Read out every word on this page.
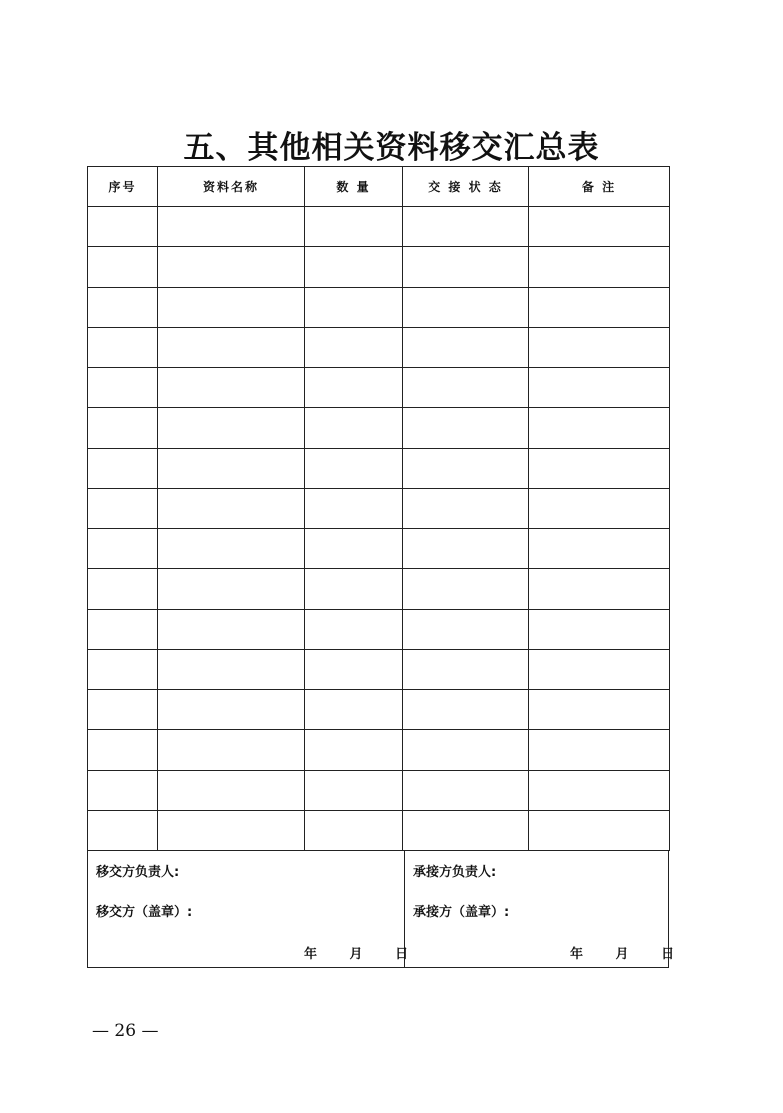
五、其他相关资料移交汇总表
序号	资料名称	数 量	交 接 状 态	备 注

移交方负责人:
移交方（盖章）:
年	月	日
承接方负责人:
承接方（盖章）:
年	月	日
— 26 —
